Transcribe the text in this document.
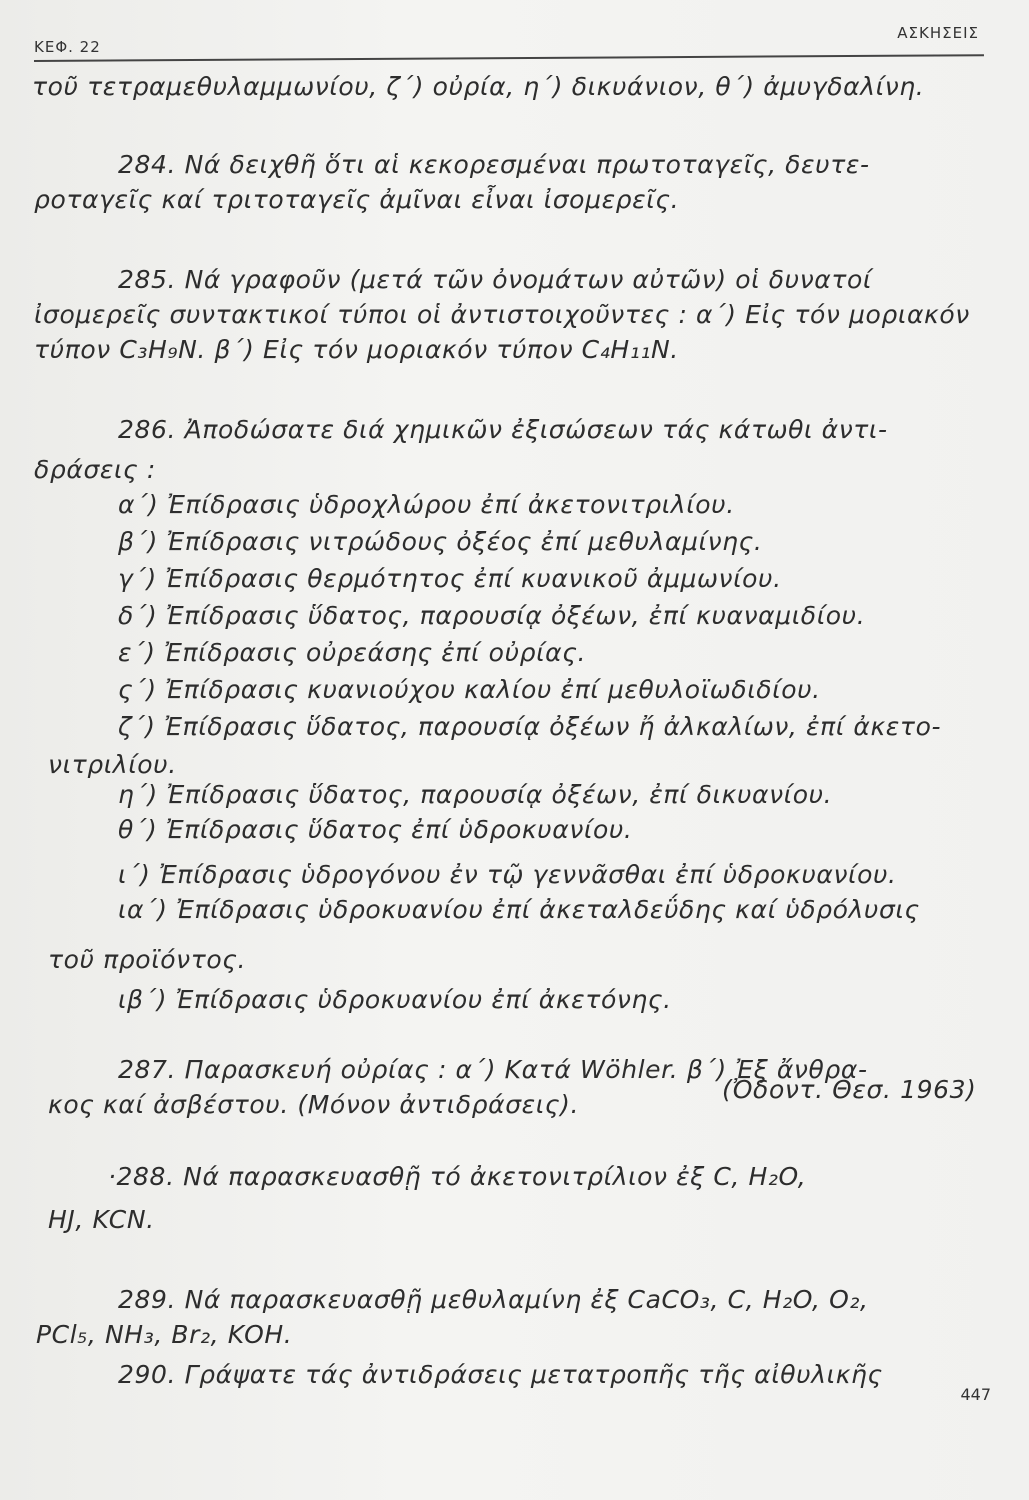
ΚΕΦ. 22
ΑΣΚΗΣΕΙΣ
τοῦ τετραμεθυλαμμωνίου, ζ΄) οὐρία, η΄) δικυάνιον, θ΄) ἀμυγδαλίνη.
284. Νά δειχθῆ ὅτι αἱ κεκορεσμέναι πρωτοταγεῖς, δευτε-
ροταγεῖς καί τριτοταγεῖς ἀμῖναι εἶναι ἰσομερεῖς.
285. Νά γραφοῦν (μετά τῶν ὀνομάτων αὐτῶν) οἱ δυνατοί
ἰσομερεῖς συντακτικοί τύποι οἱ ἀντιστοιχοῦντες : α΄) Εἰς τόν μοριακόν
τύπον C₃H₉N. β΄) Εἰς τόν μοριακόν τύπον C₄H₁₁N.
286. Ἀποδώσατε διά χημικῶν ἐξισώσεων τάς κάτωθι ἀντι-
δράσεις :
α΄) Ἐπίδρασις ὑδροχλώρου ἐπί ἀκετονιτριλίου.
β΄) Ἐπίδρασις νιτρώδους ὀξέος ἐπί μεθυλαμίνης.
γ΄) Ἐπίδρασις θερμότητος ἐπί κυανικοῦ ἀμμωνίου.
δ΄) Ἐπίδρασις ὕδατος, παρουσίᾳ ὀξέων, ἐπί κυαναμιδίου.
ε΄) Ἐπίδρασις οὐρεάσης ἐπί οὐρίας.
ς΄) Ἐπίδρασις κυανιούχου καλίου ἐπί μεθυλοϊωδιδίου.
ζ΄) Ἐπίδρασις ὕδατος, παρουσίᾳ ὀξέων ἤ ἀλκαλίων, ἐπί ἀκετο-
νιτριλίου.
η΄) Ἐπίδρασις ὕδατος, παρουσίᾳ ὀξέων, ἐπί δικυανίου.
θ΄) Ἐπίδρασις ὕδατος ἐπί ὑδροκυανίου.
ι΄) Ἐπίδρασις ὑδρογόνου ἐν τῷ γεννᾶσθαι ἐπί ὑδροκυανίου.
ια΄) Ἐπίδρασις ὑδροκυανίου ἐπί ἀκεταλδεΰδης καί ὑδρόλυσις
τοῦ προϊόντος.
ιβ΄) Ἐπίδρασις ὑδροκυανίου ἐπί ἀκετόνης.
287. Παρασκευή οὐρίας : α΄) Κατά Wöhler. β΄) Ἐξ ἄνθρα-
κος καί ἀσβέστου. (Μόνον ἀντιδράσεις).
(Ὀδοντ. Θεσ. 1963)
·288. Νά παρασκευασθῇ τό ἀκετονιτρίλιον ἐξ C, H₂O,
HJ, KCN.
289. Νά παρασκευασθῇ μεθυλαμίνη ἐξ CaCO₃, C, H₂O, O₂,
PCl₅, NH₃, Br₂, KOH.
290. Γράψατε τάς ἀντιδράσεις μετατροπῆς τῆς αἰθυλικῆς
447
